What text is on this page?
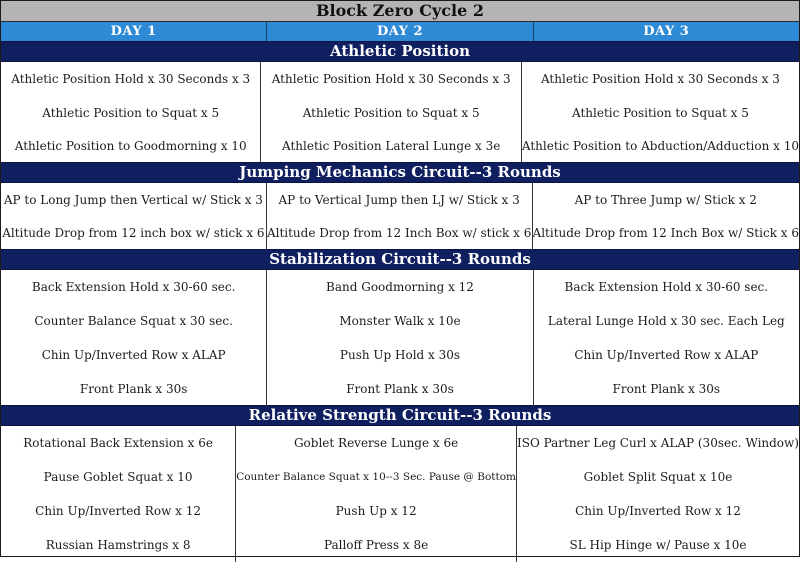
Block Zero Cycle 2
DAY 1	DAY 2	DAY 3
Athletic Position
Athletic Position Hold x 30 Seconds x 3
Athletic Position to Squat x 5
Athletic Position to Goodmorning x 10
Athletic Position Hold x 30 Seconds x 3
Athletic Position to Squat x 5
Athletic Position Lateral Lunge x 3e
Athletic Position Hold x 30 Seconds x 3
Athletic Position to Squat x 5
Athletic Position to Abduction/Adduction x 10
Jumping Mechanics Circuit--3 Rounds
AP to Long Jump then Vertical w/ Stick x 3
Altitude Drop from 12 inch box w/ stick x 6
AP to Vertical Jump then LJ w/ Stick x 3
Altitude Drop from 12 Inch Box w/ stick x 6
AP to Three Jump w/ Stick x 2
Altitude Drop from 12 Inch Box w/ Stick x 6
Stabilization Circuit--3 Rounds
Back Extension Hold x 30-60 sec.
Counter Balance Squat x 30 sec.
Chin Up/Inverted Row x ALAP
Front Plank x 30s
Band Goodmorning x 12
Monster Walk x 10e
Push Up Hold x 30s
Front Plank x 30s
Back Extension Hold x 30-60 sec.
Lateral Lunge Hold x 30 sec. Each Leg
Chin Up/Inverted Row x ALAP
Front Plank x 30s
Relative Strength Circuit--3 Rounds
Rotational Back Extension x 6e
Pause Goblet Squat x 10
Chin Up/Inverted Row x 12
Russian Hamstrings x 8
Goblet Reverse Lunge x 6e
Counter Balance Squat x 10--3 Sec. Pause @ Bottom
Push Up x 12
Palloff Press x 8e
ISO Partner Leg Curl x ALAP (30sec. Window)
Goblet Split Squat x 10e
Chin Up/Inverted Row x 12
SL Hip Hinge w/ Pause x 10e
